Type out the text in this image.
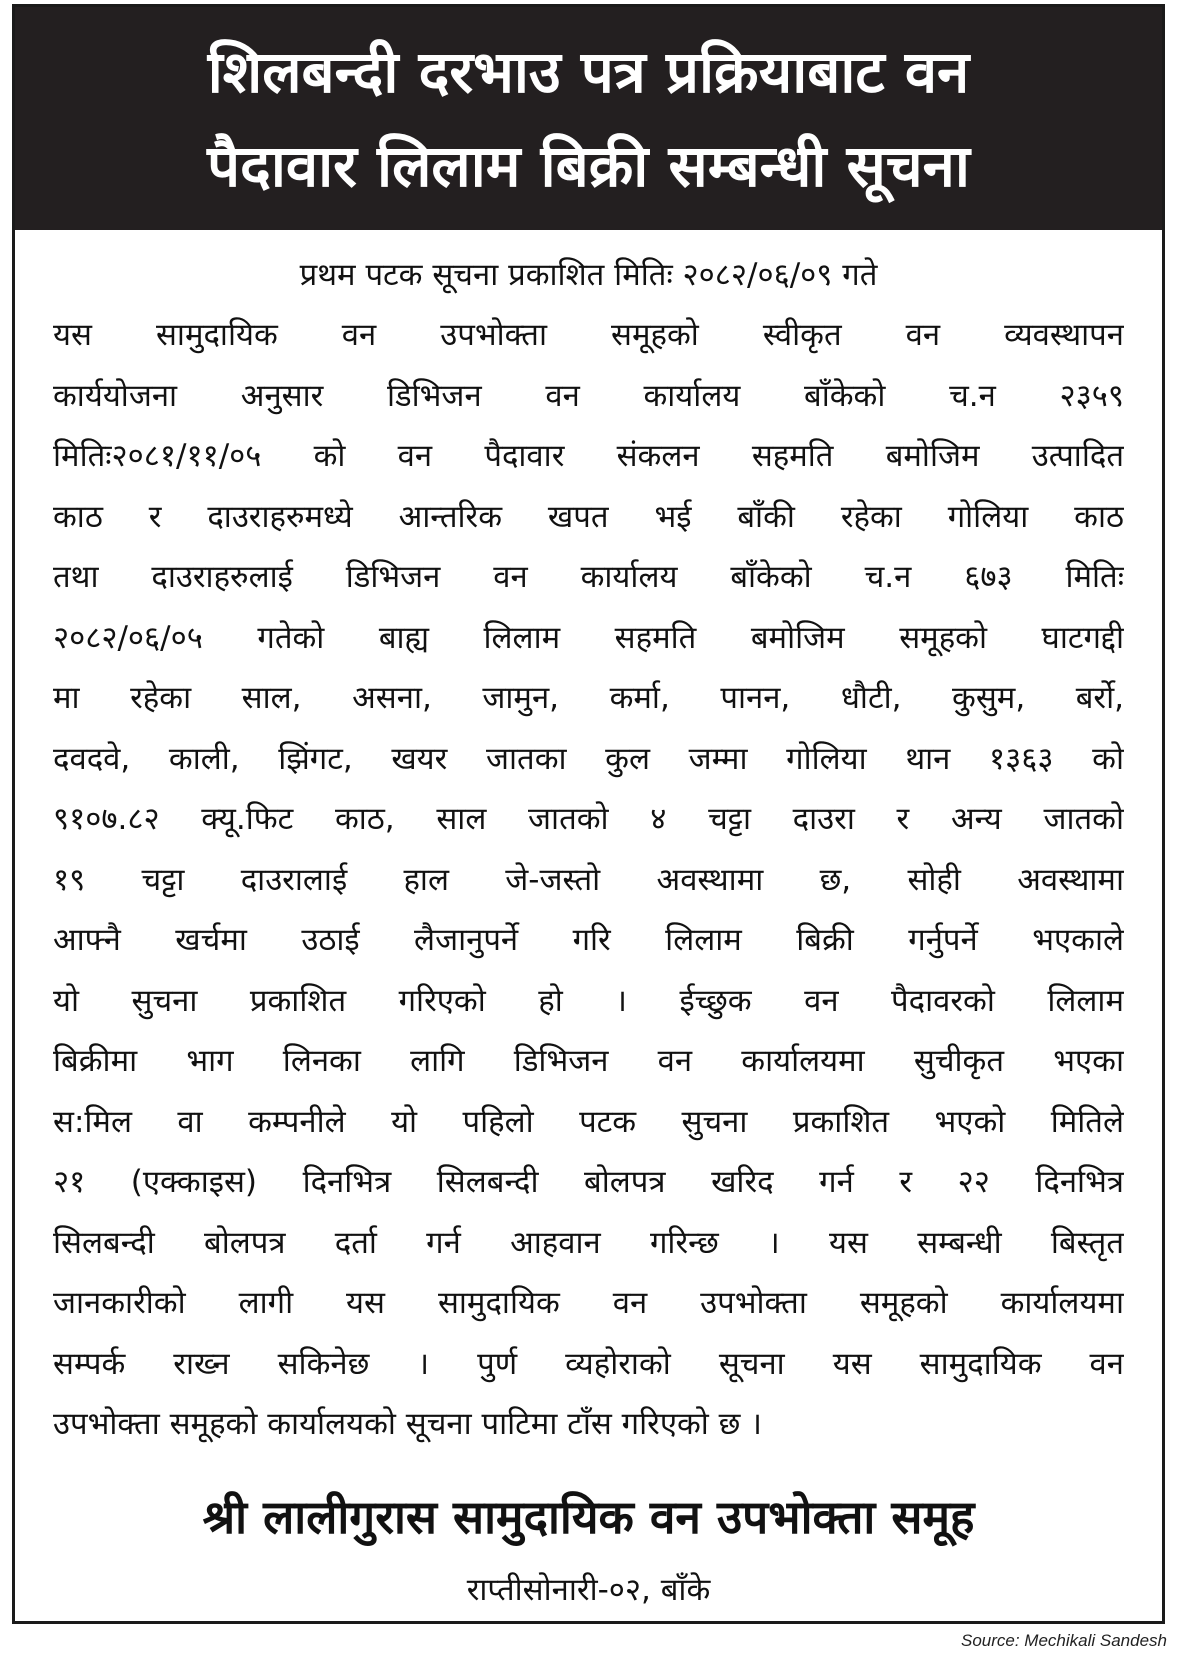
शिलबन्दी दरभाउ पत्र प्रक्रियाबाट वन
पैदावार लिलाम बिक्री सम्बन्धी सूचना
प्रथम पटक सूचना प्रकाशित मितिः २०८२/०६/०९ गते
यस सामुदायिक वन उपभोक्ता समूहको स्वीकृत वन व्यवस्थापन
कार्ययोजना अनुसार डिभिजन वन कार्यालय बाँकेको च.न २३५९
मितिः२०८१/११/०५ को वन पैदावार संकलन सहमति बमोजिम उत्पादित
काठ र दाउराहरुमध्ये आन्तरिक खपत भई बाँकी रहेका गोलिया काठ
तथा दाउराहरुलाई डिभिजन वन कार्यालय बाँकेको च.न ६७३ मितिः
२०८२/०६/०५ गतेको बाह्य लिलाम सहमति बमोजिम समूहको घाटगद्दी
मा रहेका साल, असना, जामुन, कर्मा, पानन, धौटी, कुसुम, बर्रो,
दवदवे, काली, झिंगट, खयर जातका कुल जम्मा गोलिया थान १३६३ को
९१०७.८२ क्यू.फिट काठ, साल जातको ४ चट्टा दाउरा र अन्य जातको
१९ चट्टा दाउरालाई हाल जे-जस्तो अवस्थामा छ, सोही अवस्थामा
आफ्नै खर्चमा उठाई लैजानुपर्ने गरि लिलाम बिक्री गर्नुपर्ने भएकाले
यो सुचना प्रकाशित गरिएको हो । ईच्छुक वन पैदावरको लिलाम
बिक्रीमा भाग लिनका लागि डिभिजन वन कार्यालयमा सुचीकृत भएका
स:मिल वा कम्पनीले यो पहिलो पटक सुचना प्रकाशित भएको मितिले
२१ (एक्काइस) दिनभित्र सिलबन्दी बोलपत्र खरिद गर्न र २२ दिनभित्र
सिलबन्दी बोलपत्र दर्ता गर्न आहवान गरिन्छ । यस सम्बन्धी बिस्तृत
जानकारीको लागी यस सामुदायिक वन उपभोक्ता समूहको कार्यालयमा
सम्पर्क राख्न सकिनेछ । पुर्ण व्यहोराको सूचना यस सामुदायिक वन
उपभोक्ता समूहको कार्यालयको सूचना पाटिमा टाँस गरिएको छ ।
श्री लालीगुरास सामुदायिक वन उपभोक्ता समूह
राप्तीसोनारी-०२, बाँके
Source: Mechikali Sandesh
